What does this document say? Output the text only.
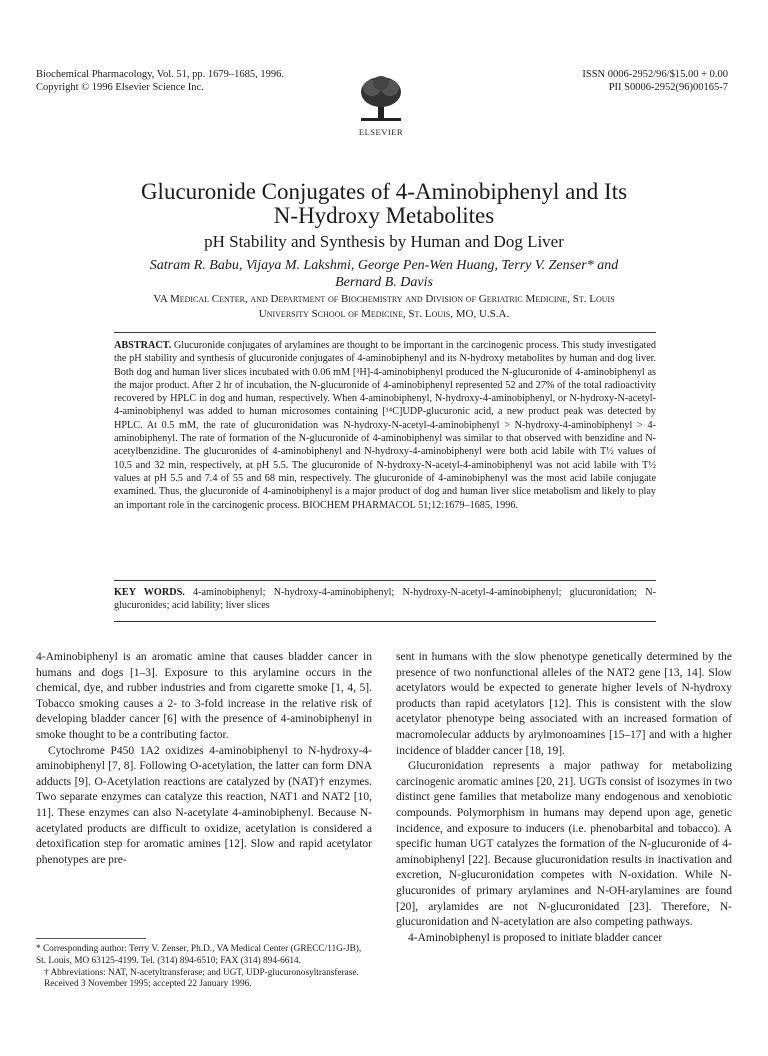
Biochemical Pharmacology, Vol. 51, pp. 1679–1685, 1996.
Copyright © 1996 Elsevier Science Inc.
ELSEVIER
ISSN 0006-2952/96/$15.00 + 0.00
PII S0006-2952(96)00165-7
Glucuronide Conjugates of 4-Aminobiphenyl and Its
N-Hydroxy Metabolites
pH Stability and Synthesis by Human and Dog Liver
Satram R. Babu, Vijaya M. Lakshmi, George Pen-Wen Huang, Terry V. Zenser* and
Bernard B. Davis
VA Medical Center, and Department of Biochemistry and Division of Geriatric Medicine, St. Louis
University School of Medicine, St. Louis, MO, U.S.A.
ABSTRACT. Glucuronide conjugates of arylamines are thought to be important in the carcinogenic process. This study investigated the pH stability and synthesis of glucuronide conjugates of 4-aminobiphenyl and its N-hydroxy metabolites by human and dog liver. Both dog and human liver slices incubated with 0.06 mM [³H]-4-aminobiphenyl produced the N-glucuronide of 4-aminobiphenyl as the major product. After 2 hr of incubation, the N-glucuronide of 4-aminobiphenyl represented 52 and 27% of the total radioactivity recovered by HPLC in dog and human, respectively. When 4-aminobiphenyl, N-hydroxy-4-aminobiphenyl, or N-hydroxy-N-acetyl-4-aminobiphenyl was added to human microsomes containing [¹⁴C]UDP-glucuronic acid, a new product peak was detected by HPLC. At 0.5 mM, the rate of glucuronidation was N-hydroxy-N-acetyl-4-aminobiphenyl > N-hydroxy-4-aminobiphenyl > 4-aminobiphenyl. The rate of formation of the N-glucuronide of 4-aminobiphenyl was similar to that observed with benzidine and N-acetylbenzidine. The glucuronides of 4-aminobiphenyl and N-hydroxy-4-aminobiphenyl were both acid labile with T½ values of 10.5 and 32 min, respectively, at pH 5.5. The glucuronide of N-hydroxy-N-acetyl-4-aminobiphenyl was not acid labile with T½ values at pH 5.5 and 7.4 of 55 and 68 min, respectively. The glucuronide of 4-aminobiphenyl was the most acid labile conjugate examined. Thus, the glucuronide of 4-aminobiphenyl is a major product of dog and human liver slice metabolism and likely to play an important role in the carcinogenic process. BIOCHEM PHARMACOL 51;12:1679–1685, 1996.
KEY WORDS. 4-aminobiphenyl; N-hydroxy-4-aminobiphenyl; N-hydroxy-N-acetyl-4-aminobiphenyl; glucuronidation; N-glucuronides; acid lability; liver slices

4-Aminobiphenyl is an aromatic amine that causes bladder cancer in humans and dogs [1–3]. Exposure to this arylamine occurs in the chemical, dye, and rubber industries and from cigarette smoke [1, 4, 5]. Tobacco smoking causes a 2- to 3-fold increase in the relative risk of developing bladder cancer [6] with the presence of 4-aminobiphenyl in smoke thought to be a contributing factor.

Cytochrome P450 1A2 oxidizes 4-aminobiphenyl to N-hydroxy-4-aminobiphenyl [7, 8]. Following O-acetylation, the latter can form DNA adducts [9]. O-Acetylation reactions are catalyzed by (NAT)† enzymes. Two separate enzymes can catalyze this reaction, NAT1 and NAT2 [10, 11]. These enzymes can also N-acetylate 4-aminobiphenyl. Because N-acetylated products are difficult to oxidize, acetylation is considered a detoxification step for aromatic amines [12]. Slow and rapid acetylator phenotypes are pre-

* Corresponding author: Terry V. Zenser, Ph.D., VA Medical Center (GRECC/11G-JB), St. Louis, MO 63125-4199. Tel. (314) 894-6510; FAX (314) 894-6614.

† Abbreviations: NAT, N-acetyltransferase; and UGT, UDP-glucuronosyltransferase.

Received 3 November 1995; accepted 22 January 1996.

sent in humans with the slow phenotype genetically determined by the presence of two nonfunctional alleles of the NAT2 gene [13, 14]. Slow acetylators would be expected to generate higher levels of N-hydroxy products than rapid acetylators [12]. This is consistent with the slow acetylator phenotype being associated with an increased formation of macromolecular adducts by arylmonoamines [15–17] and with a higher incidence of bladder cancer [18, 19].

Glucuronidation represents a major pathway for metabolizing carcinogenic aromatic amines [20, 21]. UGTs consist of isozymes in two distinct gene families that metabolize many endogenous and xenobiotic compounds. Polymorphism in humans may depend upon age, genetic incidence, and exposure to inducers (i.e. phenobarbital and tobacco). A specific human UGT catalyzes the formation of the N-glucuronide of 4-aminobiphenyl [22]. Because glucuronidation results in inactivation and excretion, N-glucuronidation competes with N-oxidation. While N-glucuronides of primary arylamines and N-OH-arylamines are found [20], arylamides are not N-glucuronidated [23]. Therefore, N-glucuronidation and N-acetylation are also competing pathways.

4-Aminobiphenyl is proposed to initiate bladder cancer
